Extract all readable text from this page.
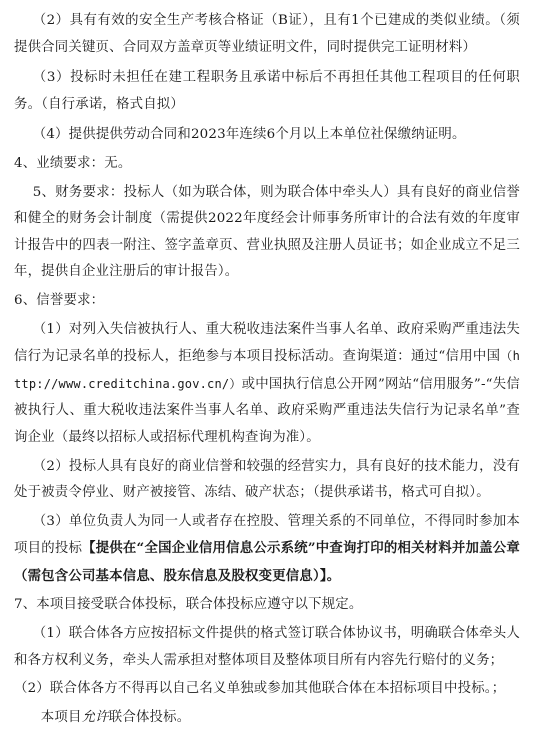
（2）具有有效的安全生产考核合格证（B证），且有1个已建成的类似业绩。（须提供合同关键页、合同双方盖章页等业绩证明文件，同时提供完工证明材料）

（3）投标时未担任在建工程职务且承诺中标后不再担任其他工程项目的任何职务。（自行承诺，格式自拟）

（4）提供提供劳动合同和2023年连续6个月以上本单位社保缴纳证明。

4、业绩要求：无。

5、财务要求：投标人（如为联合体，则为联合体中牵头人）具有良好的商业信誉和健全的财务会计制度（需提供2022年度经会计师事务所审计的合法有效的年度审计报告中的四表一附注、签字盖章页、营业执照及注册人员证书；如企业成立不足三年，提供自企业注册后的审计报告）。

6、信誉要求：

（1）对列入失信被执行人、重大税收违法案件当事人名单、政府采购严重违法失信行为记录名单的投标人，拒绝参与本项目投标活动。查询渠道：通过“信用中国（http://www.creditchina.gov.cn/）或中国执行信息公开网”网站“信用服务”-“失信被执行人、重大税收违法案件当事人名单、政府采购严重违法失信行为记录名单”查询企业（最终以招标人或招标代理机构查询为准）。

（2）投标人具有良好的商业信誉和较强的经营实力，具有良好的技术能力，没有处于被责令停业、财产被接管、冻结、破产状态；（提供承诺书，格式可自拟）。

（3）单位负责人为同一人或者存在控股、管理关系的不同单位，不得同时参加本项目的投标【提供在“全国企业信用信息公示系统”中查询打印的相关材料并加盖公章（需包含公司基本信息、股东信息及股权变更信息）】。

7、本项目接受联合体投标，联合体投标应遵守以下规定。

（1）联合体各方应按招标文件提供的格式签订联合体协议书，明确联合体牵头人和各方权利义务，牵头人需承担对整体项目及整体项目所有内容先行赔付的义务；

（2）联合体各方不得再以自己名义单独或参加其他联合体在本招标项目中投标。；

本项目允许联合体投标。
